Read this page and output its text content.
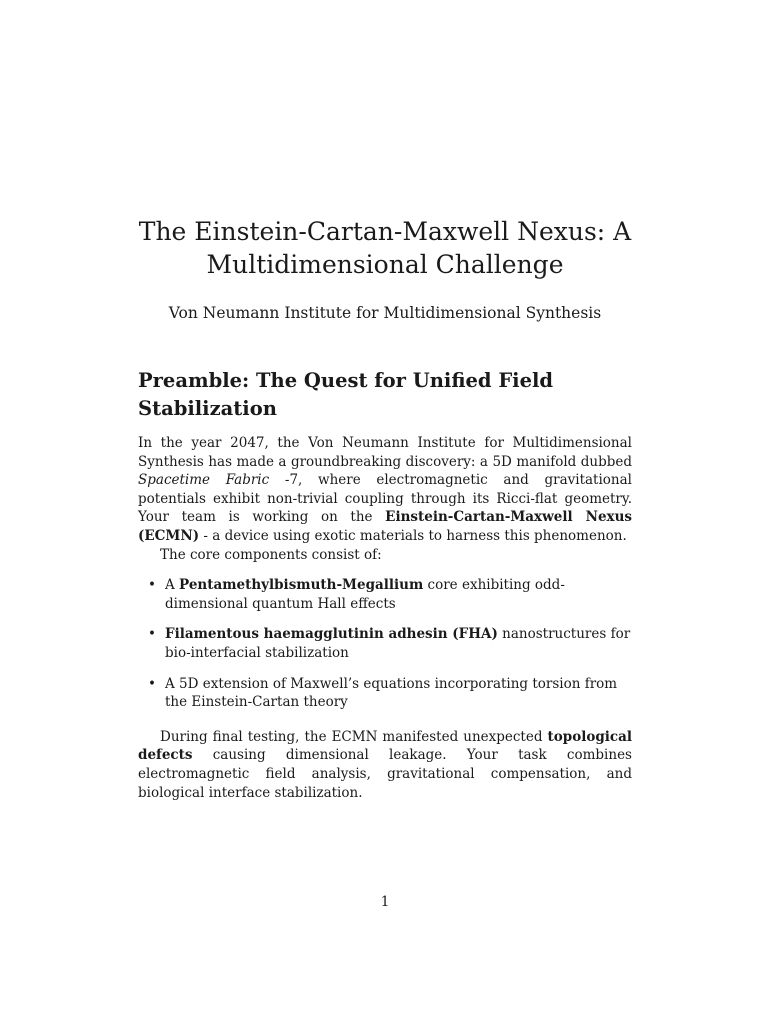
The Einstein-Cartan-Maxwell Nexus: A Multidimensional Challenge

Von Neumann Institute for Multidimensional Synthesis

Preamble: The Quest for Unified Field Stabilization

In the year 2047, the Von Neumann Institute for Multidimensional Synthesis has made a groundbreaking discovery: a 5D manifold dubbed Spacetime Fabric -7, where electromagnetic and gravitational potentials exhibit non-trivial coupling through its Ricci-flat geometry. Your team is working on the Einstein-Cartan-Maxwell Nexus (ECMN) - a device using exotic materials to harness this phenomenon.

The core components consist of:

• A Pentamethylbismuth-Megallium core exhibiting odd-dimensional quantum Hall effects
• Filamentous haemagglutinin adhesin (FHA) nanostructures for bio-interfacial stabilization
• A 5D extension of Maxwell’s equations incorporating torsion from the Einstein-Cartan theory

During final testing, the ECMN manifested unexpected topological defects causing dimensional leakage. Your task combines electromagnetic field analysis, gravitational compensation, and biological interface stabilization.

1
